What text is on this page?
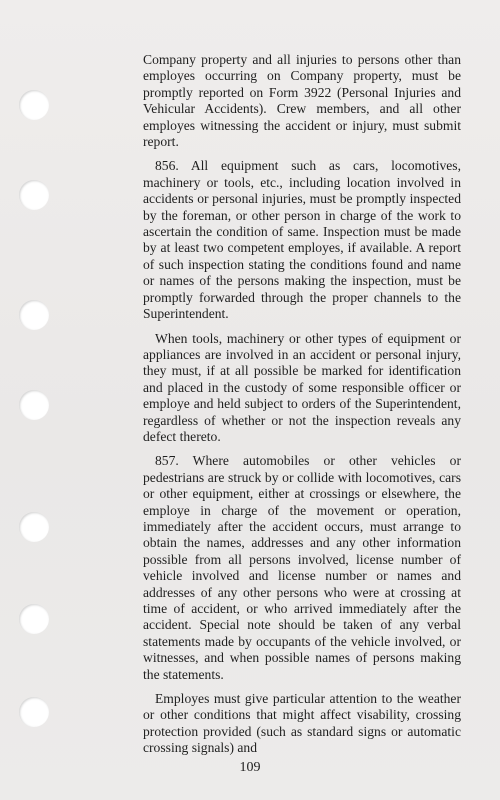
Company property and all injuries to persons other than employes occurring on Company property, must be promptly reported on Form 3922 (Personal Injuries and Vehicular Accidents). Crew members, and all other employes witnessing the accident or injury, must submit report.

856. All equipment such as cars, locomotives, machinery or tools, etc., including location involved in accidents or personal injuries, must be promptly inspected by the foreman, or other person in charge of the work to ascertain the condition of same. Inspection must be made by at least two competent employes, if available. A report of such inspection stating the conditions found and name or names of the persons making the inspection, must be promptly forwarded through the proper channels to the Superintendent.

When tools, machinery or other types of equipment or appliances are involved in an accident or personal injury, they must, if at all possible be marked for identification and placed in the custody of some responsible officer or employe and held subject to orders of the Superintendent, regardless of whether or not the inspection reveals any defect thereto.

857. Where automobiles or other vehicles or pedestrians are struck by or collide with locomotives, cars or other equipment, either at crossings or elsewhere, the employe in charge of the movement or operation, immediately after the accident occurs, must arrange to obtain the names, addresses and any other information possible from all persons involved, license number of vehicle involved and license number or names and addresses of any other persons who were at crossing at time of accident, or who arrived immediately after the accident. Special note should be taken of any verbal statements made by occupants of the vehicle involved, or witnesses, and when possible names of persons making the statements.

Employes must give particular attention to the weather or other conditions that might affect visability, crossing protection provided (such as standard signs or automatic crossing signals) and

109
